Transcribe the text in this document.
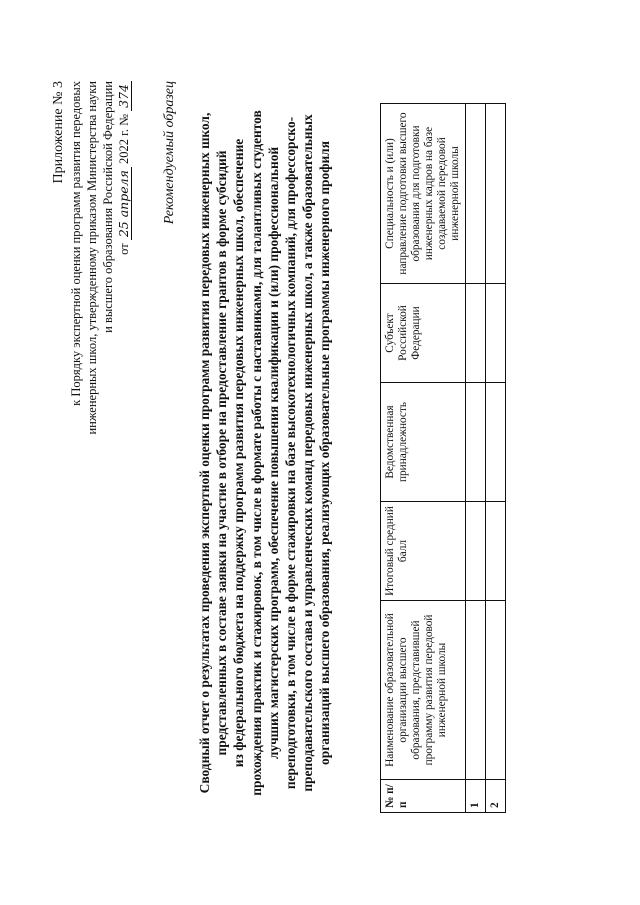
Приложение № 3 к Порядку экспертной оценки программ развития передовых инженерных школ, утвержденному приказом Министерства науки и высшего образования Российской Федерации от 25 апреля 2022 г. № 374 Рекомендуемый образец Сводный отчет о результатах проведения экспертной оценки программ развития передовых инженерных школ, представленных в составе заявки на участие в отборе на предоставление грантов в форме субсидий из федерального бюджета на поддержку программ развития передовых инженерных школ, обеспечение прохождения практик и стажировок, в том числе в формате работы с наставниками, для талантливых студентов лучших магистерских программ, обеспечение повышения квалификации и (или) профессиональной переподготовки, в том числе в форме стажировки на базе высокотехнологичных компаний, для профессорско- преподавательского состава и управленческих команд передовых инженерных школ, а также образовательных организаций высшего образования, реализующих образовательные программы инженерного профиля
№ п/п	Наименование образовательной организации высшего образования, представившей программу развития передовой инженерной школы	Итоговый средний балл	Ведомственная принадлежность	Субъект Российской Федерации	Специальность и (или) направление подготовки высшего образования для подготовки инженерных кадров на базе создаваемой передовой инженерной школы
1					
2					
